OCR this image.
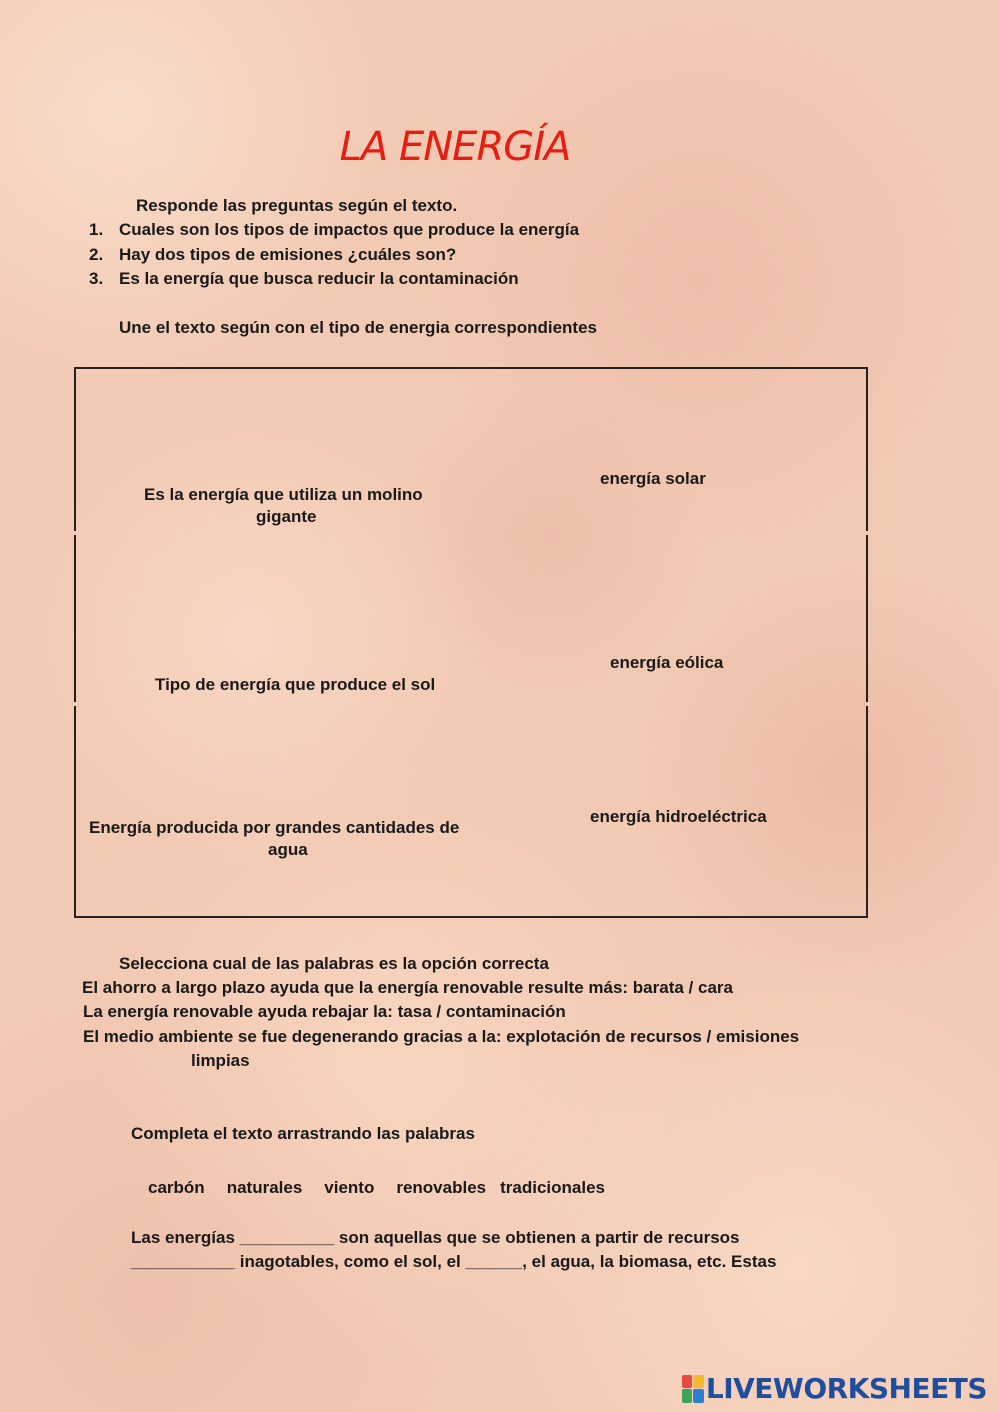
LA ENERGÍA
Responde las preguntas según el texto.
1. Cuales son los tipos de impactos que produce la energía
2. Hay dos tipos de emisiones ¿cuáles son?
3. Es la energía que busca reducir la contaminación
Une el texto según con el tipo de energia correspondientes
Es la energía que utiliza un molino
gigante
Tipo de energía que produce el sol
Energía producida por grandes cantidades de
agua
energía solar
energía eólica
energía hidroeléctrica
Selecciona cual de las palabras es la opción correcta
El ahorro a largo plazo ayuda que la energía renovable resulte más: barata / cara
La energía renovable ayuda rebajar la: tasa / contaminación
El medio ambiente se fue degenerando gracias a la: explotación de recursos / emisiones
limpias
Completa el texto arrastrando las palabras
carbón naturales viento renovables tradicionales
Las energías __________ son aquellas que se obtienen a partir de recursos
___________ inagotables, como el sol, el ______, el agua, la biomasa, etc. Estas
LIVEWORKSHEETS
